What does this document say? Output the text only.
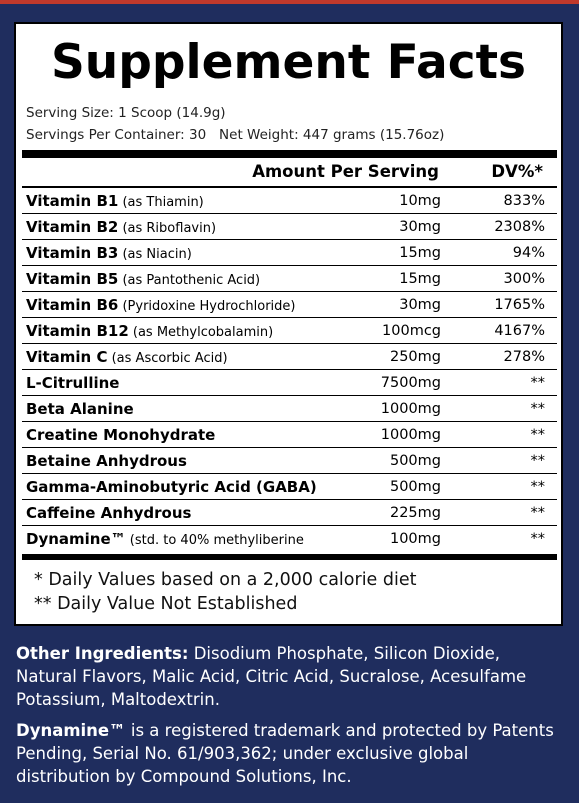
Supplement Facts
Serving Size: 1 Scoop (14.9g)
Servings Per Container: 30   Net Weight: 447 grams (15.76oz)
Amount Per Serving	DV%*
Vitamin B1 (as Thiamin)	10mg	833%
Vitamin B2 (as Riboflavin)	30mg	2308%
Vitamin B3 (as Niacin)	15mg	94%
Vitamin B5 (as Pantothenic Acid)	15mg	300%
Vitamin B6 (Pyridoxine Hydrochloride)	30mg	1765%
Vitamin B12 (as Methylcobalamin)	100mcg	4167%
Vitamin C (as Ascorbic Acid)	250mg	278%
L-Citrulline	7500mg	**
Beta Alanine	1000mg	**
Creatine Monohydrate	1000mg	**
Betaine Anhydrous	500mg	**
Gamma-Aminobutyric Acid (GABA)	500mg	**
Caffeine Anhydrous	225mg	**
Dynamine™ (std. to 40% methyliberine	100mg	**
* Daily Values based on a 2,000 calorie diet
** Daily Value Not Established
Other Ingredients: Disodium Phosphate, Silicon Dioxide, Natural Flavors, Malic Acid, Citric Acid, Sucralose, Acesulfame Potassium, Maltodextrin.
Dynamine™ is a registered trademark and protected by Patents Pending, Serial No. 61/903,362; under exclusive global distribution by Compound Solutions, Inc.
